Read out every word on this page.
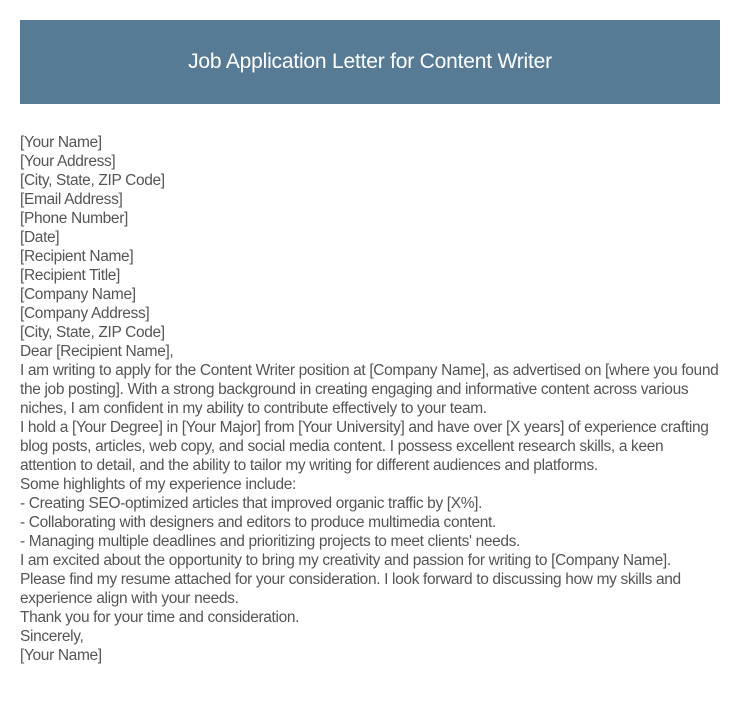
Job Application Letter for Content Writer

[Your Name]

[Your Address]

[City, State, ZIP Code]

[Email Address]

[Phone Number]

[Date]

[Recipient Name]

[Recipient Title]

[Company Name]

[Company Address]

[City, State, ZIP Code]

Dear [Recipient Name],

I am writing to apply for the Content Writer position at [Company Name], as advertised on [where you found the job posting]. With a strong background in creating engaging and informative content across various niches, I am confident in my ability to contribute effectively to your team.

I hold a [Your Degree] in [Your Major] from [Your University] and have over [X years] of experience crafting blog posts, articles, web copy, and social media content. I possess excellent research skills, a keen attention to detail, and the ability to tailor my writing for different audiences and platforms.

Some highlights of my experience include:

- Creating SEO-optimized articles that improved organic traffic by [X%].

- Collaborating with designers and editors to produce multimedia content.

- Managing multiple deadlines and prioritizing projects to meet clients' needs.

I am excited about the opportunity to bring my creativity and passion for writing to [Company Name]. Please find my resume attached for your consideration. I look forward to discussing how my skills and experience align with your needs.

Thank you for your time and consideration.

Sincerely,

[Your Name]
